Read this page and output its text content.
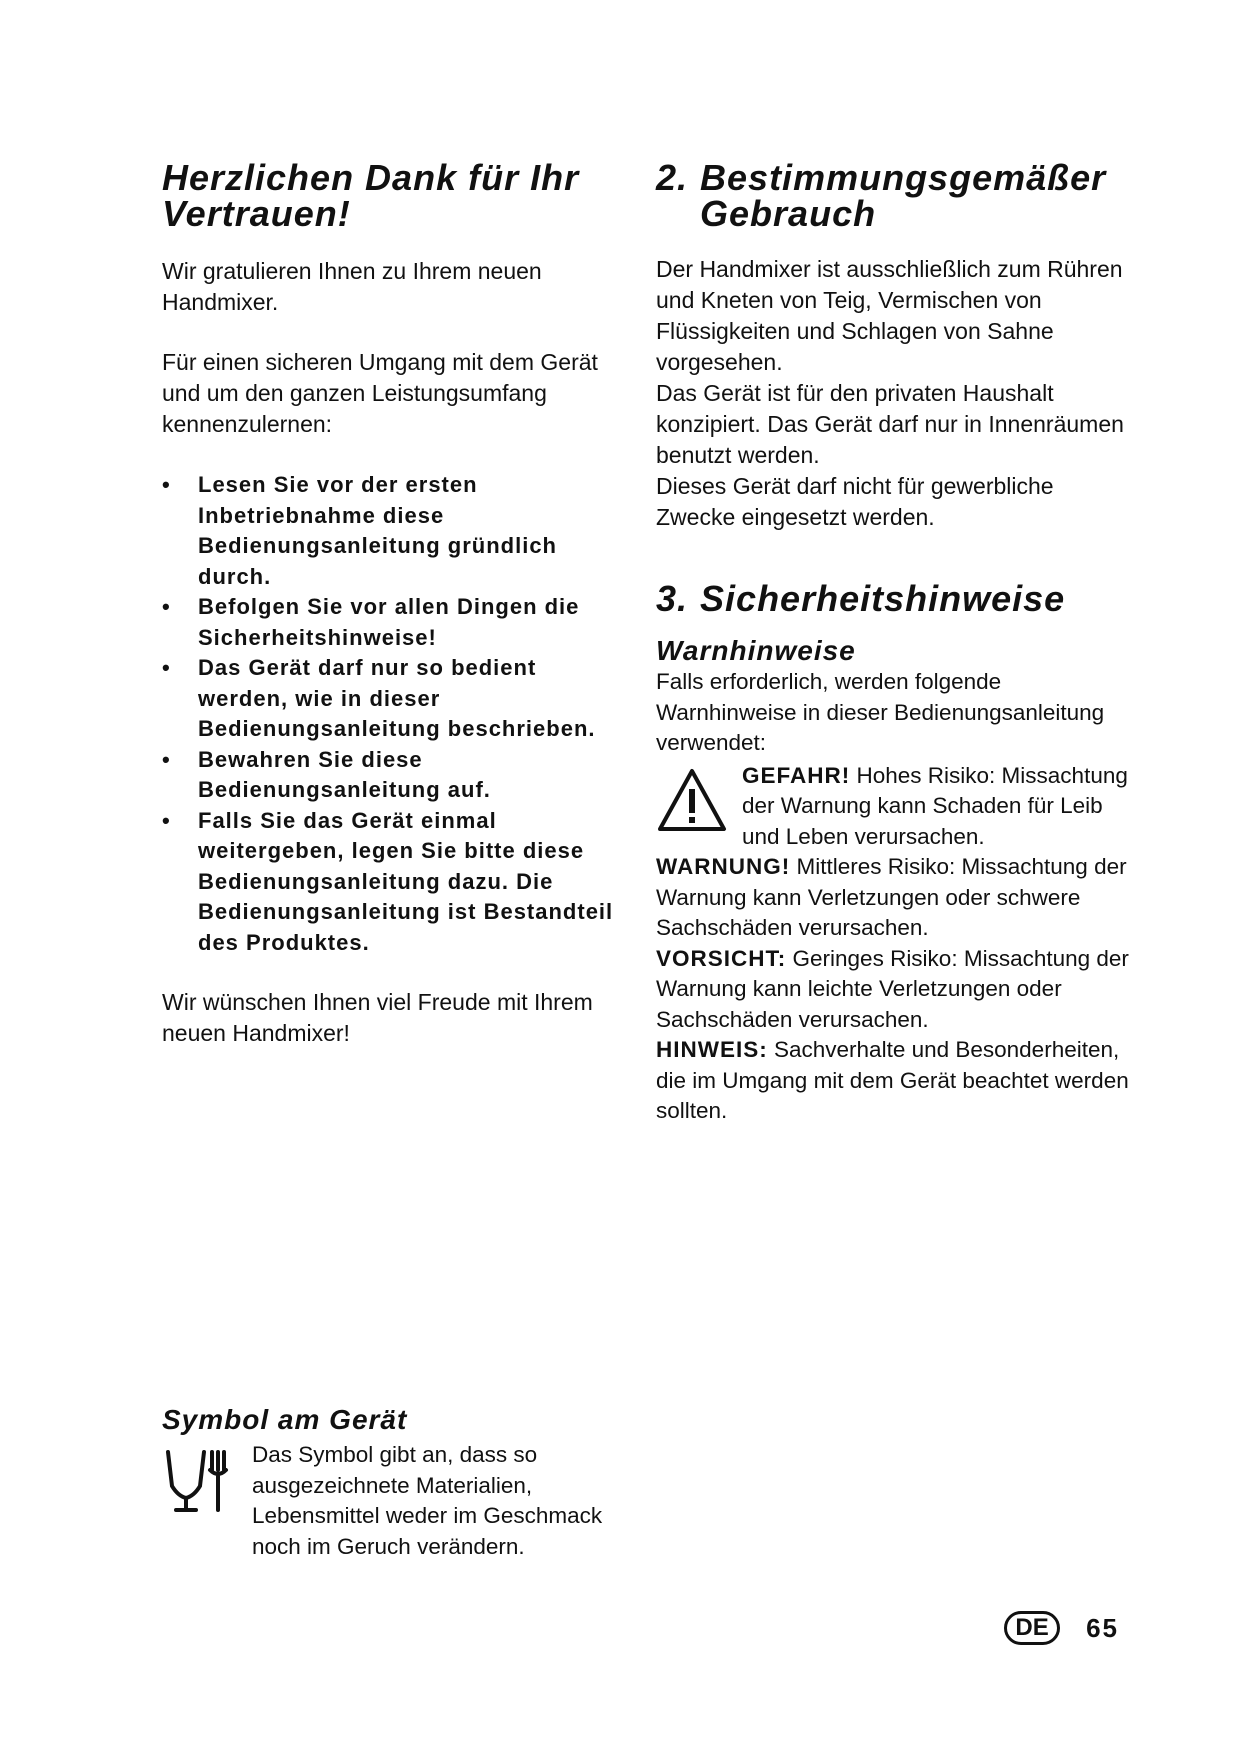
Herzlichen Dank für Ihr Vertrauen!

Wir gratulieren Ihnen zu Ihrem neuen Handmixer.

Für einen sicheren Umgang mit dem Gerät und um den ganzen Leistungsumfang kennenzulernen:

•	Lesen Sie vor der ersten Inbetriebnahme diese Bedienungsanleitung gründlich durch.
•	Befolgen Sie vor allen Dingen die Sicherheitshinweise!
•	Das Gerät darf nur so bedient werden, wie in dieser Bedienungsanleitung beschrieben.
•	Bewahren Sie diese Bedienungsanleitung auf.
•	Falls Sie das Gerät einmal weitergeben, legen Sie bitte diese Bedienungsanleitung dazu. Die Bedienungsanleitung ist Bestandteil des Produktes.

Wir wünschen Ihnen viel Freude mit Ihrem neuen Handmixer!

Symbol am Gerät

Das Symbol gibt an, dass so ausgezeichnete Materialien, Lebensmittel weder im Geschmack noch im Geruch verändern.

2. Bestimmungsgemäßer Gebrauch

Der Handmixer ist ausschließlich zum Rühren und Kneten von Teig, Vermischen von Flüssigkeiten und Schlagen von Sahne vorgesehen.

Das Gerät ist für den privaten Haushalt konzipiert. Das Gerät darf nur in Innenräumen benutzt werden.

Dieses Gerät darf nicht für gewerbliche Zwecke eingesetzt werden.

3. Sicherheitshinweise
Warnhinweise

Falls erforderlich, werden folgende Warnhinweise in dieser Bedienungsanleitung verwendet:

GEFAHR! Hohes Risiko: Missachtung der Warnung kann Schaden für Leib und Leben verursachen.

WARNUNG! Mittleres Risiko: Missachtung der Warnung kann Verletzungen oder schwere Sachschäden verursachen.

VORSICHT: Geringes Risiko: Missachtung der Warnung kann leichte Verletzungen oder Sachschäden verursachen.

HINWEIS: Sachverhalte und Besonderheiten, die im Umgang mit dem Gerät beachtet werden sollten.

DE	65
